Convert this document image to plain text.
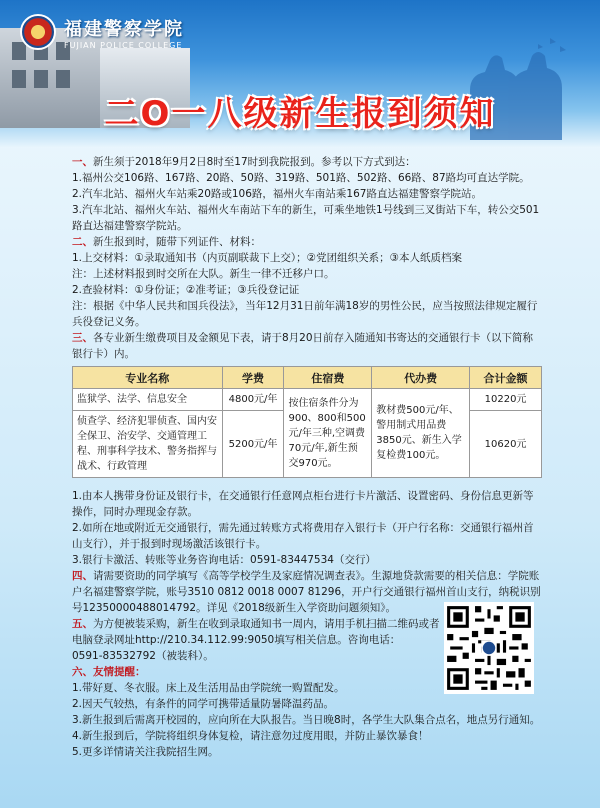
福建警察学院
FUJIAN POLICE COLLEGE
二O一八级新生报到须知
一、新生须于2018年9月2日8时至17时到我院报到。参考以下方式到达：
1.福州公交106路、167路、20路、50路、319路、501路、502路、66路、87路均可直达学院。
2.汽车北站、福州火车站乘20路或106路，福州火车南站乘167路直达福建警察学院站。
3.汽车北站、福州火车站、福州火车南站下车的新生，可乘坐地铁1号线到三叉街站下车，转公交501路直达福建警察学院站。
二、新生报到时，随带下列证件、材料：
1.上交材料：①录取通知书（内页副联裁下上交）；②党团组织关系；③本人纸质档案
注：上述材料报到时交所在大队。新生一律不迁移户口。
2.查验材料：①身份证；②准考证；③兵役登记证
注：根据《中华人民共和国兵役法》，当年12月31日前年满18岁的男性公民，应当按照法律规定履行兵役登记义务。
三、各专业新生缴费项目及金额见下表，请于8月20日前存入随通知书寄达的交通银行卡（以下简称银行卡）内。
专业名称	学费	住宿费	代办费	合计金额
监狱学、法学、信息安全	4800元/年	按住宿条件分为900、800和500元/年三种,空调费70元/年,新生预交970元。	教材费500元/年、警用制式用品费3850元、新生入学复检费100元。	10220元
侦查学、经济犯罪侦查、国内安全保卫、治安学、交通管理工程、刑事科学技术、警务指挥与战术、行政管理	5200元/年			10620元
1.由本人携带身份证及银行卡，在交通银行任意网点柜台进行卡片激活、设置密码、身份信息更新等操作，同时办理现金存款。
2.如所在地或附近无交通银行，需先通过转账方式将费用存入银行卡（开户行名称：交通银行福州首山支行），并于报到时现场激活该银行卡。
3.银行卡激活、转账等业务咨询电话：0591-83447534（交行）
四、请需要资助的同学填写《高等学校学生及家庭情况调查表》。生源地贷款需要的相关信息：学院账户名福建警察学院，账号3510 0812 0018 0007 81296，开户行交通银行福州首山支行，纳税识别号12350000488014792。详见《2018级新生入学资助问题须知》。
五、为方便被装采购，新生在收到录取通知书一周内，请用手机扫描二维码或者电脑登录网址http://210.34.112.99:9050填写相关信息。咨询电话：
0591-83532792（被装科）。
六、友情提醒：
1.带好夏、冬衣服。床上及生活用品由学院统一购置配发。
2.因天气较热，有条件的同学可携带适量防暑降温药品。
3.新生报到后需离开校园的，应向所在大队报告。当日晚8时，各学生大队集合点名，地点另行通知。
4.新生报到后，学院将组织身体复检，请注意勿过度用眼，并防止暴饮暴食！
5.更多详情请关注我院招生网。
